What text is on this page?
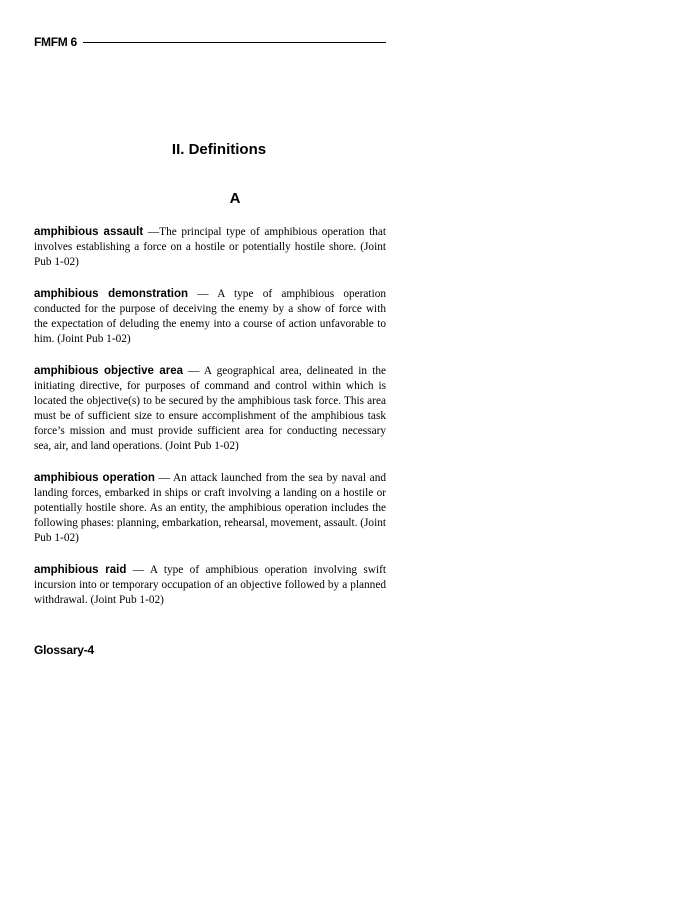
FMFM 6
II. Definitions
A

amphibious assault —The principal type of amphibious operation that involves establishing a force on a hostile or potentially hostile shore. (Joint Pub 1-02)

amphibious demonstration — A type of amphibious operation conducted for the purpose of deceiving the enemy by a show of force with the expectation of deluding the enemy into a course of action unfavorable to him. (Joint Pub 1-02)

amphibious objective area — A geographical area, delineated in the initiating directive, for purposes of command and control within which is located the objective(s) to be secured by the amphibious task force. This area must be of sufficient size to ensure accomplishment of the amphibious task force’s mission and must provide sufficient area for conducting necessary sea, air, and land operations. (Joint Pub 1-02)

amphibious operation — An attack launched from the sea by naval and landing forces, embarked in ships or craft involving a landing on a hostile or potentially hostile shore. As an entity, the amphibious operation includes the following phases: planning, embarkation, rehearsal, movement, assault. (Joint Pub 1-02)

amphibious raid — A type of amphibious operation involving swift incursion into or temporary occupation of an objective followed by a planned withdrawal. (Joint Pub 1-02)

Glossary-4
